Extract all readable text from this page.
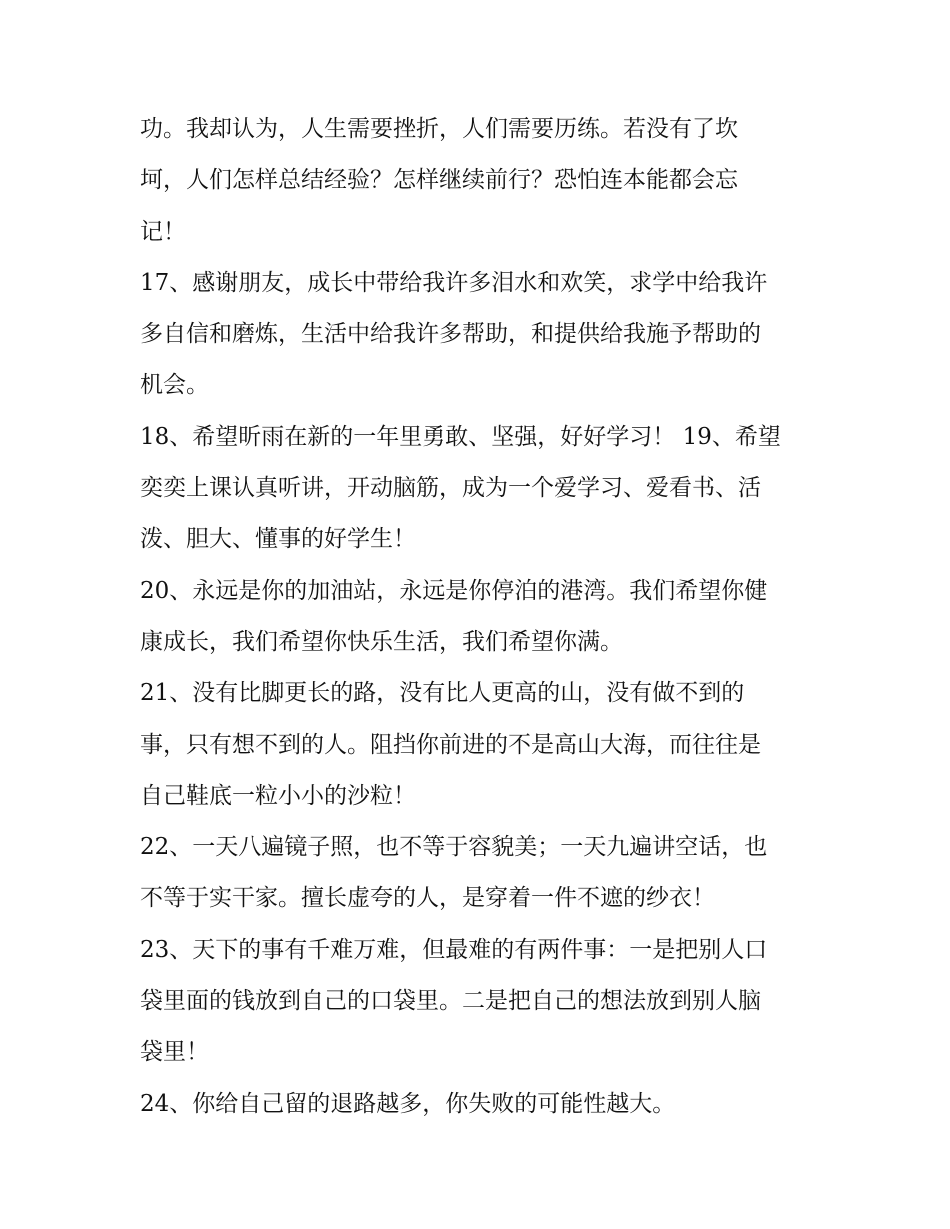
功。我却认为，人生需要挫折，人们需要历练。若没有了坎
坷，人们怎样总结经验？怎样继续前行？恐怕连本能都会忘
记！
17、感谢朋友，成长中带给我许多泪水和欢笑，求学中给我许
多自信和磨炼，生活中给我许多帮助，和提供给我施予帮助的
机会。
18、希望昕雨在新的一年里勇敢、坚强，好好学习！ 19、希望
奕奕上课认真听讲，开动脑筋，成为一个爱学习、爱看书、活
泼、胆大、懂事的好学生！
20、永远是你的加油站，永远是你停泊的港湾。我们希望你健
康成长，我们希望你快乐生活，我们希望你满。
21、没有比脚更长的路，没有比人更高的山，没有做不到的
事，只有想不到的人。阻挡你前进的不是高山大海，而往往是
自己鞋底一粒小小的沙粒！
22、一天八遍镜子照，也不等于容貌美；一天九遍讲空话，也
不等于实干家。擅长虚夸的人，是穿着一件不遮的纱衣！
23、天下的事有千难万难，但最难的有两件事：一是把别人口
袋里面的钱放到自己的口袋里。二是把自己的想法放到别人脑
袋里！
24、你给自己留的退路越多，你失败的可能性越大。
